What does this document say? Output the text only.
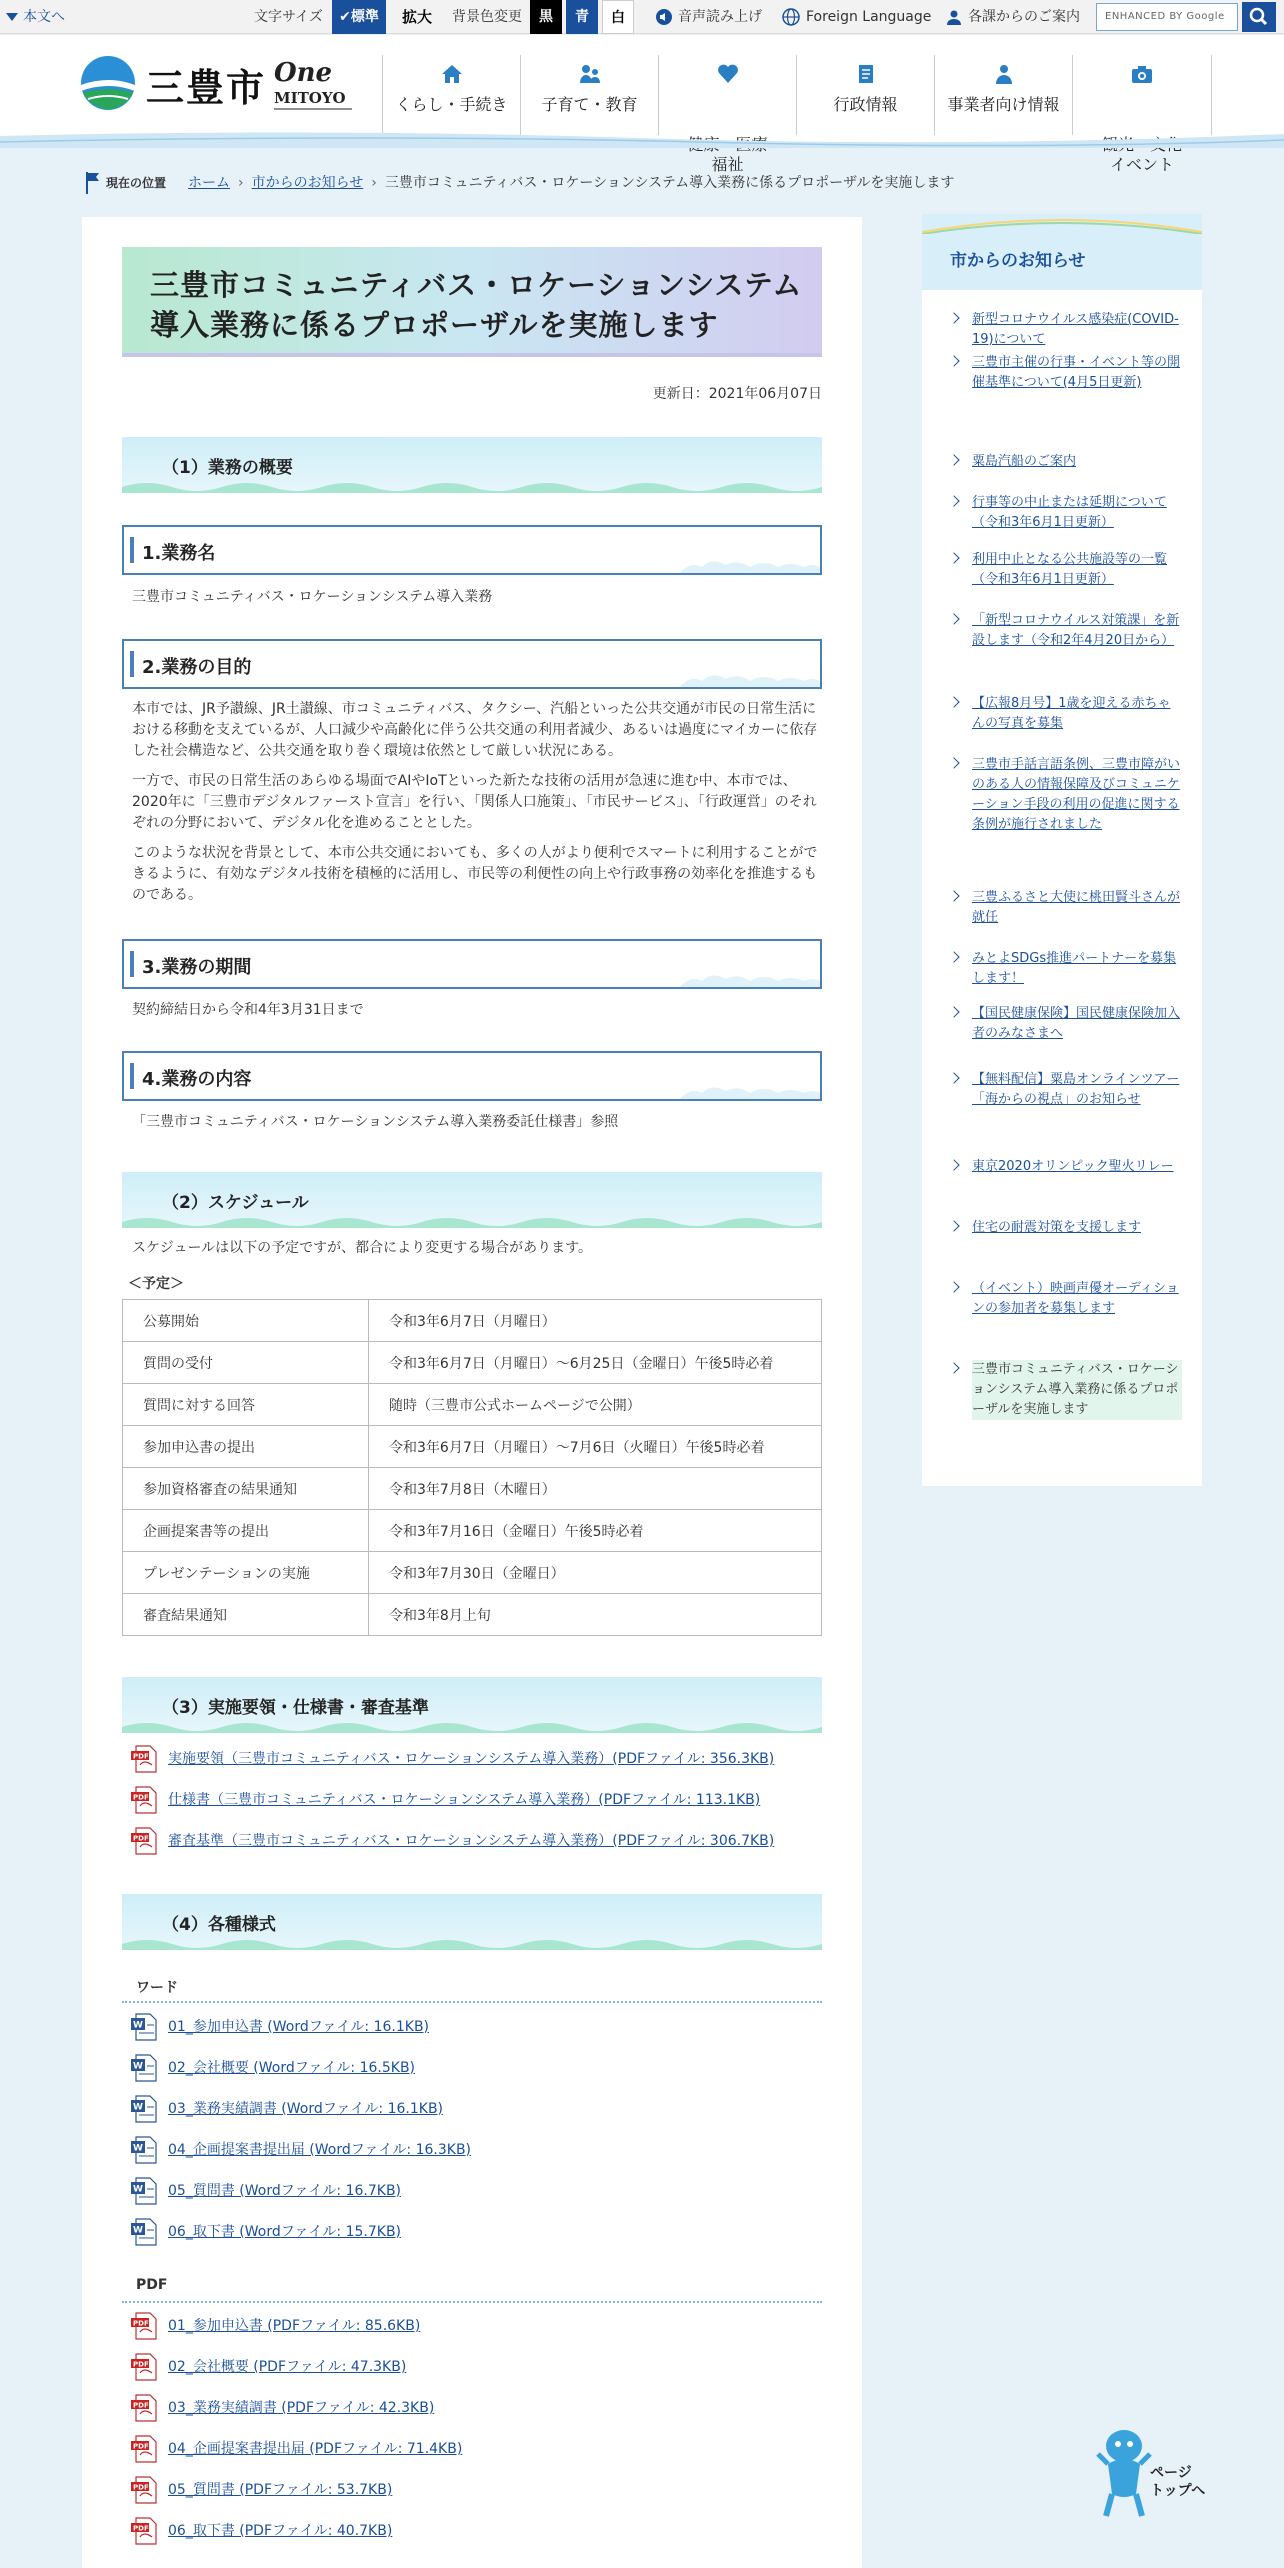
本文へ	文字サイズ	✔標準	拡大	背景色変更	黒	青	白	音声読み上げ	Foreign Language	各課からのご案内	ENHANCED BY Google
三豊市 One
MITOYO	くらし・手続き	子育て・教育

福祉

行政情報	事業者向け情報

イベント

現在の位置 ホーム › 市からのお知らせ › 三豊市コミュニティバス・ロケーションシステム導入業務に係るプロポーザルを実施します
三豊市コミュニティバス・ロケーションシステム
導入業務に係るプロポーザルを実施します
更新日：2021年06月07日
（1）業務の概要
1.業務名
三豊市コミュニティバス・ロケーションシステム導入業務
2.業務の目的
本市では、JR予讃線、JR土讃線、市コミュニティバス、タクシー、汽船といった公共交通が市民の日常生活における移動を支えているが、人口減少や高齢化に伴う公共交通の利用者減少、あるいは過度にマイカーに依存した社会構造など、公共交通を取り巻く環境は依然として厳しい状況にある。
一方で、市民の日常生活のあらゆる場面でAIやIoTといった新たな技術の活用が急速に進む中、本市では、2020年に「三豊市デジタルファースト宣言」を行い、「関係人口施策」、「市民サービス」、「行政運営」のそれぞれの分野において、デジタル化を進めることとした。
このような状況を背景として、本市公共交通においても、多くの人がより便利でスマートに利用することができるように、有効なデジタル技術を積極的に活用し、市民等の利便性の向上や行政事務の効率化を推進するものである。
3.業務の期間
契約締結日から令和4年3月31日まで
4.業務の内容
「三豊市コミュニティバス・ロケーションシステム導入業務委託仕様書」参照
（2）スケジュール
スケジュールは以下の予定ですが、都合により変更する場合があります。
＜予定＞
公募開始	令和3年6月7日（月曜日）
質問の受付	令和3年6月7日（月曜日）～6月25日（金曜日）午後5時必着
質問に対する回答	随時（三豊市公式ホームページで公開）
参加申込書の提出	令和3年6月7日（月曜日）～7月6日（火曜日）午後5時必着
参加資格審査の結果通知	令和3年7月8日（木曜日）
企画提案書等の提出	令和3年7月16日（金曜日）午後5時必着
プレゼンテーションの実施	令和3年7月30日（金曜日）
審査結果通知	令和3年8月上旬
（3）実施要領・仕様書・審査基準
PDF 実施要領（三豊市コミュニティバス・ロケーションシステム導入業務）(PDFファイル: 356.3KB)
PDF 仕様書（三豊市コミュニティバス・ロケーションシステム導入業務）(PDFファイル: 113.1KB)
PDF 審査基準（三豊市コミュニティバス・ロケーションシステム導入業務）(PDFファイル: 306.7KB)
（4）各種様式
ワード
W 01_参加申込書 (Wordファイル: 16.1KB)
W 02_会社概要 (Wordファイル: 16.5KB)
W 03_業務実績調書 (Wordファイル: 16.1KB)
W 04_企画提案書提出届 (Wordファイル: 16.3KB)
W 05_質問書 (Wordファイル: 16.7KB)
W 06_取下書 (Wordファイル: 15.7KB)
PDF
PDF 01_参加申込書 (PDFファイル: 85.6KB)
PDF 02_会社概要 (PDFファイル: 47.3KB)
PDF 03_業務実績調書 (PDFファイル: 42.3KB)
PDF 04_企画提案書提出届 (PDFファイル: 71.4KB)
PDF 05_質問書 (PDFファイル: 53.7KB)
PDF 06_取下書 (PDFファイル: 40.7KB)
市からのお知らせ
新型コロナウイルス感染症(COVID-19)について
三豊市主催の行事・イベント等の開催基準について(4月5日更新)
粟島汽船のご案内
行事等の中止または延期について（令和3年6月1日更新）
利用中止となる公共施設等の一覧（令和3年6月1日更新）
「新型コロナウイルス対策課」を新設します（令和2年4月20日から）
【広報8月号】1歳を迎える赤ちゃんの写真を募集
三豊市手話言語条例、三豊市障がいのある人の情報保障及びコミュニケーション手段の利用の促進に関する条例が施行されました
三豊ふるさと大使に桃田賢斗さんが就任
みとよSDGs推進パートナーを募集します！
【国民健康保険】国民健康保険加入者のみなさまへ
【無料配信】粟島オンラインツアー「海からの視点」のお知らせ
東京2020オリンピック聖火リレー
住宅の耐震対策を支援します
（イベント）映画声優オーディションの参加者を募集します
三豊市コミュニティバス・ロケーションシステム導入業務に係るプロポーザルを実施します
ページ
トップへ
